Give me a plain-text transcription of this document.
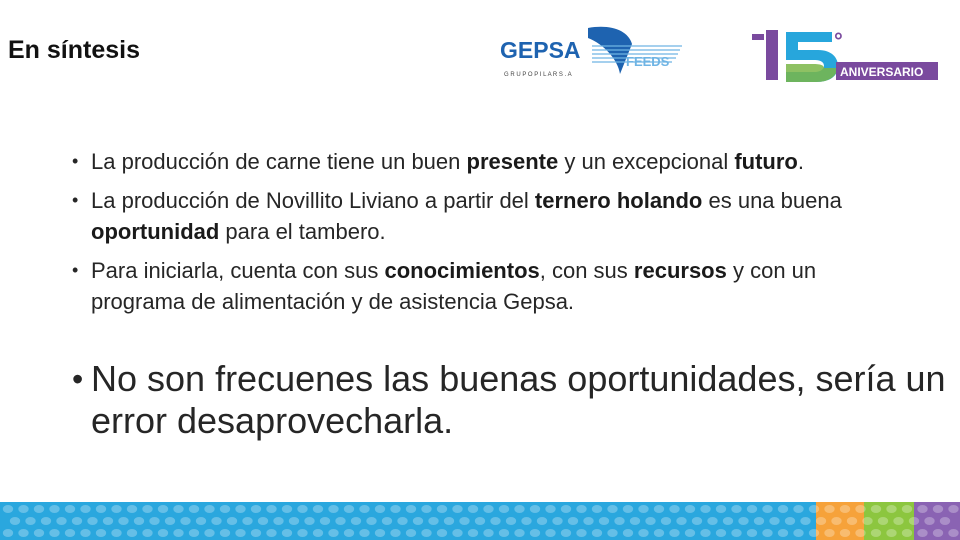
En síntesis	GEPSA	FEEDS
G R U P O P I L A R S . A
°
ANIVERSARIO
• La producción de carne tiene un buen presente y un excepcional futuro.
• La producción de Novillito Liviano a partir del ternero holando es una buena oportunidad para el tambero.
• Para iniciarla, cuenta con sus conocimientos, con sus recursos y con un programa de alimentación y de asistencia Gepsa.
• No son frecuenes las buenas oportunidades, sería un error desaprovecharla.
